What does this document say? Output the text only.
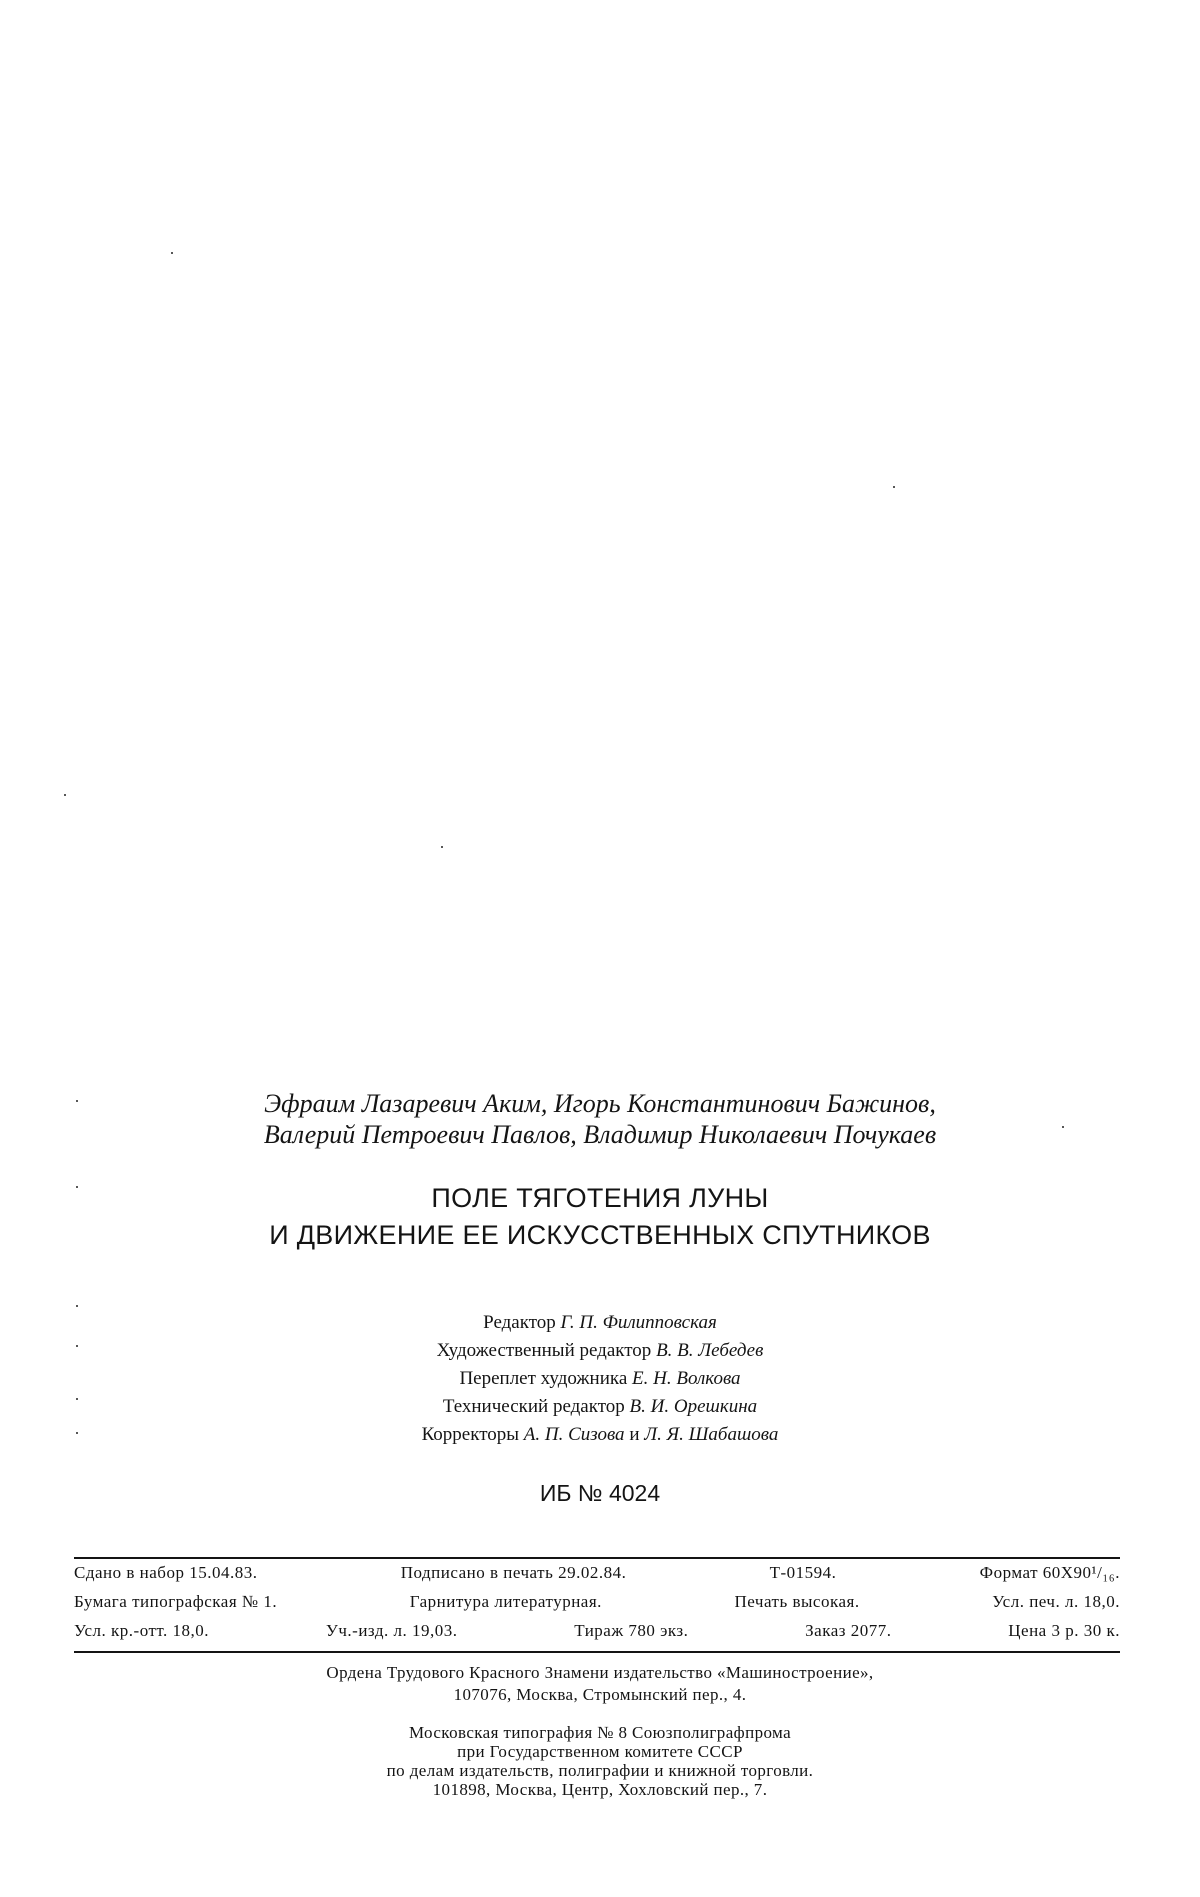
Эфраим Лазаревич Аким, Игорь Константинович Бажинов,
Валерий Петроевич Павлов, Владимир Николаевич Почукаев
ПОЛЕ ТЯГОТЕНИЯ ЛУНЫ
И ДВИЖЕНИЕ ЕЕ ИСКУССТВЕННЫХ СПУТНИКОВ
Редактор Г. П. Филипповская
Художественный редактор В. В. Лебедев
Переплет художника Е. Н. Волкова
Технический редактор В. И. Орешкина
Корректоры А. П. Сизова и Л. Я. Шабашова
ИБ № 4024
Сдано в набор 15.04.83.	Подписано в печать 29.02.84.	Т-01594.	Формат 60Х90¹/₁₆.
Бумага типографская № 1.	Гарнитура литературная.	Печать высокая.	Усл. печ. л. 18,0.
Усл. кр.-отт. 18,0.	Уч.-изд. л. 19,03.	Тираж 780 экз.	Заказ 2077.	Цена 3 р. 30 к.
Ордена Трудового Красного Знамени издательство «Машиностроение»,
107076, Москва, Стромынский пер., 4.
Московская типография № 8 Союзполиграфпрома
при Государственном комитете СССР
по делам издательств, полиграфии и книжной торговли.
101898, Москва, Центр, Хохловский пер., 7.
